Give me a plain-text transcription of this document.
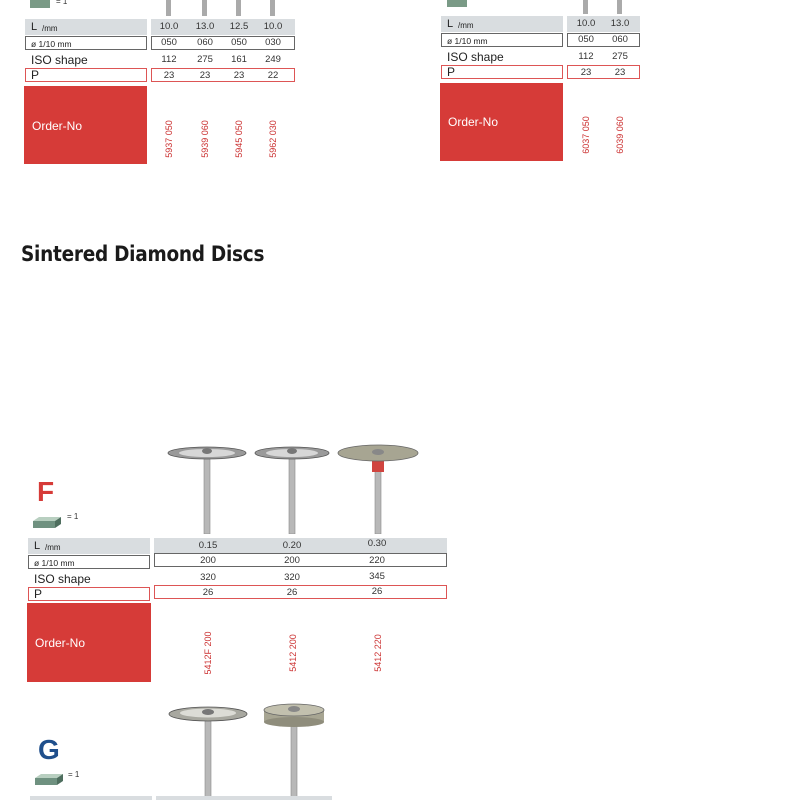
= 1
L /mm	10.0	13.0	12.5	10.0
ø 1/10 mm	050	060	050	030
ISO shape	112	275	161	249
P	23	23	23	22
Order-No	5937 050	5939 060	5945 050	5962 030
L /mm	10.0	13.0
ø 1/10 mm	050	060
ISO shape	112	275
P	23	23
Order-No	6037 050	6039 060
Sintered Diamond Discs
F
= 1
L /mm	0.15	0.20	0.30
ø 1/10 mm	200	200	220
ISO shape	320	320	345
P	26	26	26
Order-No	5412F 200	5412 200	5412 220
G
= 1
